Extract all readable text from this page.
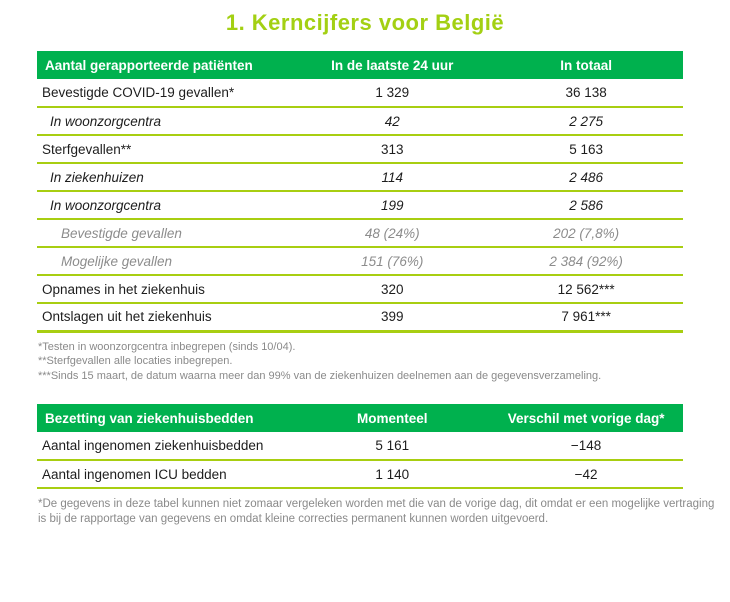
1. Kerncijfers voor België
Aantal gerapporteerde patiënten	In de laatste 24 uur	In totaal
Bevestigde COVID-19 gevallen*	1 329	36 138
In woonzorgcentra	42	2 275
Sterfgevallen**	313	5 163
In ziekenhuizen	114	2 486
In woonzorgcentra	199	2 586
Bevestigde gevallen	48 (24%)	202 (7,8%)
Mogelijke gevallen	151 (76%)	2 384 (92%)
Opnames in het ziekenhuis	320	12 562***
Ontslagen uit het ziekenhuis	399	7 961***
*Testen in woonzorgcentra inbegrepen (sinds 10/04).
**Sterfgevallen alle locaties inbegrepen.
***Sinds 15 maart, de datum waarna meer dan 99% van de ziekenhuizen deelnemen aan de gegevensverzameling.
Bezetting van ziekenhuisbedden	Momenteel	Verschil met vorige dag*
Aantal ingenomen ziekenhuisbedden	5 161	−148
Aantal ingenomen ICU bedden	1 140	−42

*De gegevens in deze tabel kunnen niet zomaar vergeleken worden met die van de vorige dag, dit omdat er een mogelijke vertraging is bij de rapportage van gegevens en omdat kleine correcties permanent kunnen worden uitgevoerd.
